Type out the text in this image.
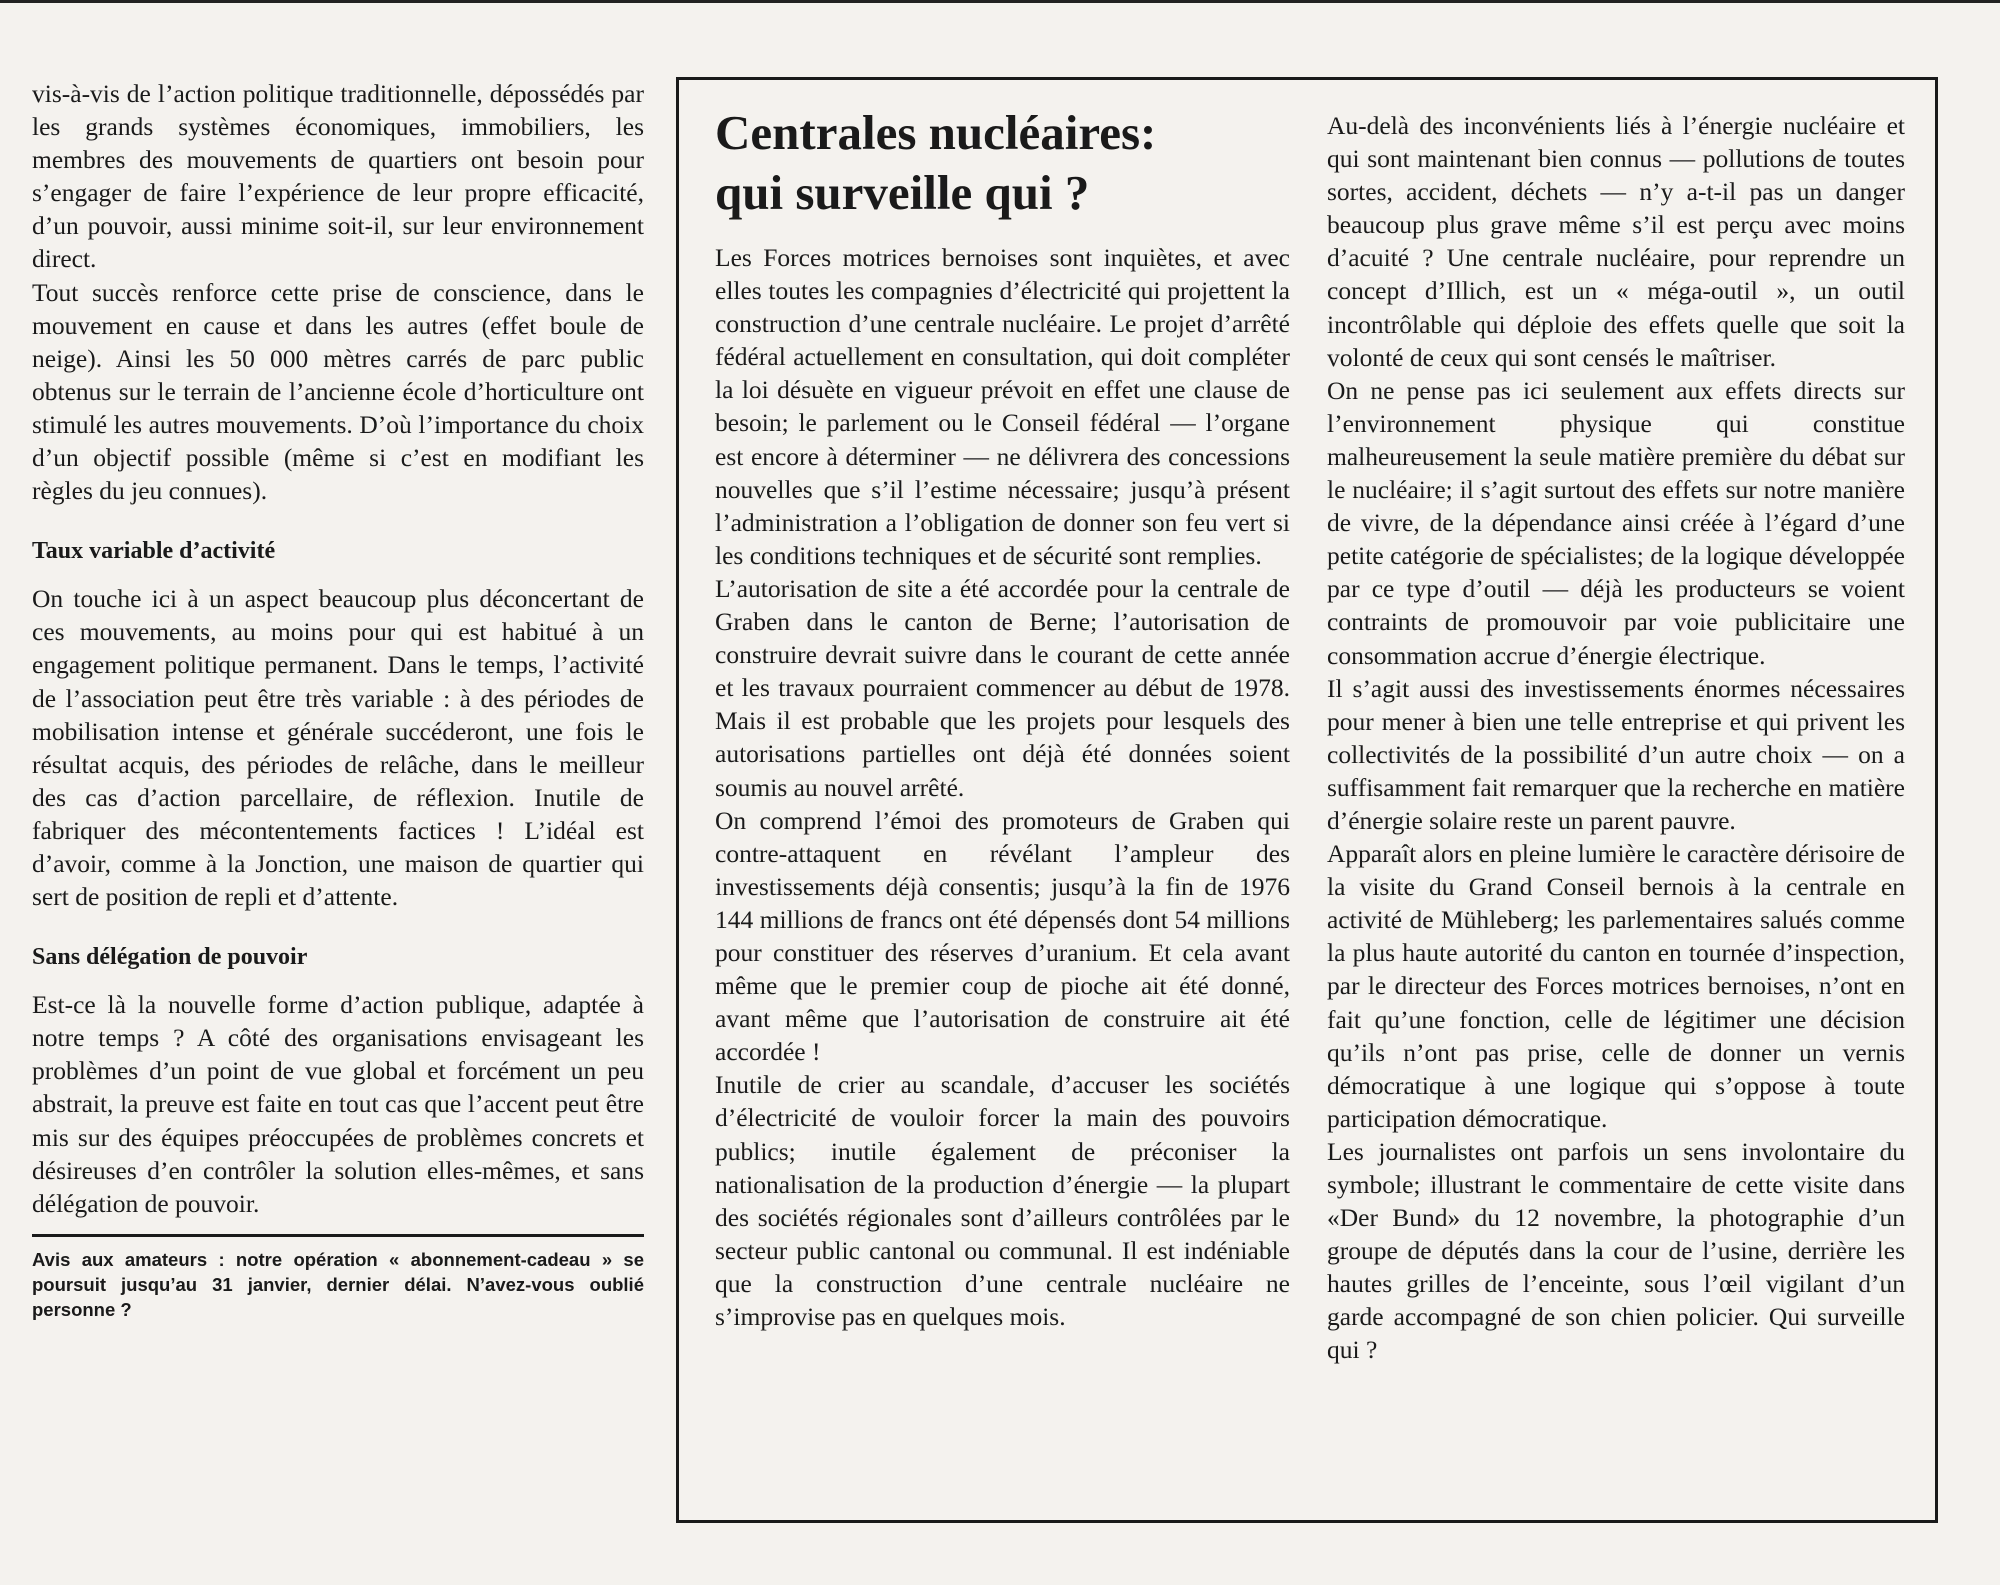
vis-à-vis de l’action politique traditionnelle, dépossédés par les grands systèmes économiques, immobiliers, les membres des mouvements de quartiers ont besoin pour s’engager de faire l’expérience de leur propre efficacité, d’un pouvoir, aussi minime soit-il, sur leur environnement direct.

Tout succès renforce cette prise de conscience, dans le mouvement en cause et dans les autres (effet boule de neige). Ainsi les 50 000 mètres carrés de parc public obtenus sur le terrain de l’ancienne école d’horticulture ont stimulé les autres mouvements. D’où l’importance du choix d’un objectif possible (même si c’est en modifiant les règles du jeu connues).

Taux variable d’activité

On touche ici à un aspect beaucoup plus déconcertant de ces mouvements, au moins pour qui est habitué à un engagement politique permanent. Dans le temps, l’activité de l’association peut être très variable : à des périodes de mobilisation intense et générale succéderont, une fois le résultat acquis, des périodes de relâche, dans le meilleur des cas d’action parcellaire, de réflexion. Inutile de fabriquer des mécontentements factices ! L’idéal est d’avoir, comme à la Jonction, une maison de quartier qui sert de position de repli et d’attente.

Sans délégation de pouvoir

Est-ce là la nouvelle forme d’action publique, adaptée à notre temps ? A côté des organisations envisageant les problèmes d’un point de vue global et forcément un peu abstrait, la preuve est faite en tout cas que l’accent peut être mis sur des équipes préoccupées de problèmes concrets et désireuses d’en contrôler la solution elles-mêmes, et sans délégation de pouvoir.

Avis aux amateurs : notre opération « abonnement-cadeau » se poursuit jusqu’au 31 janvier, dernier délai. N’avez-vous oublié personne ?

Centrales nucléaires:
qui surveille qui ?

Les Forces motrices bernoises sont inquiètes, et avec elles toutes les compagnies d’électricité qui projettent la construction d’une centrale nucléaire. Le projet d’arrêté fédéral actuellement en consultation, qui doit compléter la loi désuète en vigueur prévoit en effet une clause de besoin; le parlement ou le Conseil fédéral — l’organe est encore à déterminer — ne délivrera des concessions nouvelles que s’il l’estime nécessaire; jusqu’à présent l’administration a l’obligation de donner son feu vert si les conditions techniques et de sécurité sont remplies.

L’autorisation de site a été accordée pour la centrale de Graben dans le canton de Berne; l’autorisation de construire devrait suivre dans le courant de cette année et les travaux pourraient commencer au début de 1978. Mais il est probable que les projets pour lesquels des autorisations partielles ont déjà été données soient soumis au nouvel arrêté.

On comprend l’émoi des promoteurs de Graben qui contre-attaquent en révélant l’ampleur des investissements déjà consentis; jusqu’à la fin de 1976 144 millions de francs ont été dépensés dont 54 millions pour constituer des réserves d’uranium. Et cela avant même que le premier coup de pioche ait été donné, avant même que l’autorisation de construire ait été accordée !

Inutile de crier au scandale, d’accuser les sociétés d’électricité de vouloir forcer la main des pouvoirs publics; inutile également de préconiser la nationalisation de la production d’énergie — la plupart des sociétés régionales sont d’ailleurs contrôlées par le secteur public cantonal ou communal. Il est indéniable que la construction d’une centrale nucléaire ne s’improvise pas en quelques mois.

Au-delà des inconvénients liés à l’énergie nucléaire et qui sont maintenant bien connus — pollutions de toutes sortes, accident, déchets — n’y a-t-il pas un danger beaucoup plus grave même s’il est perçu avec moins d’acuité ? Une centrale nucléaire, pour reprendre un concept d’Illich, est un « méga-outil », un outil incontrôlable qui déploie des effets quelle que soit la volonté de ceux qui sont censés le maîtriser.

On ne pense pas ici seulement aux effets directs sur l’environnement physique qui constitue malheureusement la seule matière première du débat sur le nucléaire; il s’agit surtout des effets sur notre manière de vivre, de la dépendance ainsi créée à l’égard d’une petite catégorie de spécialistes; de la logique développée par ce type d’outil — déjà les producteurs se voient contraints de promouvoir par voie publicitaire une consommation accrue d’énergie électrique.

Il s’agit aussi des investissements énormes nécessaires pour mener à bien une telle entreprise et qui privent les collectivités de la possibilité d’un autre choix — on a suffisamment fait remarquer que la recherche en matière d’énergie solaire reste un parent pauvre.

Apparaît alors en pleine lumière le caractère dérisoire de la visite du Grand Conseil bernois à la centrale en activité de Mühleberg; les parlementaires salués comme la plus haute autorité du canton en tournée d’inspection, par le directeur des Forces motrices bernoises, n’ont en fait qu’une fonction, celle de légitimer une décision qu’ils n’ont pas prise, celle de donner un vernis démocratique à une logique qui s’oppose à toute participation démocratique.

Les journalistes ont parfois un sens involontaire du symbole; illustrant le commentaire de cette visite dans «Der Bund» du 12 novembre, la photographie d’un groupe de députés dans la cour de l’usine, derrière les hautes grilles de l’enceinte, sous l’œil vigilant d’un garde accompagné de son chien policier. Qui surveille qui ?
